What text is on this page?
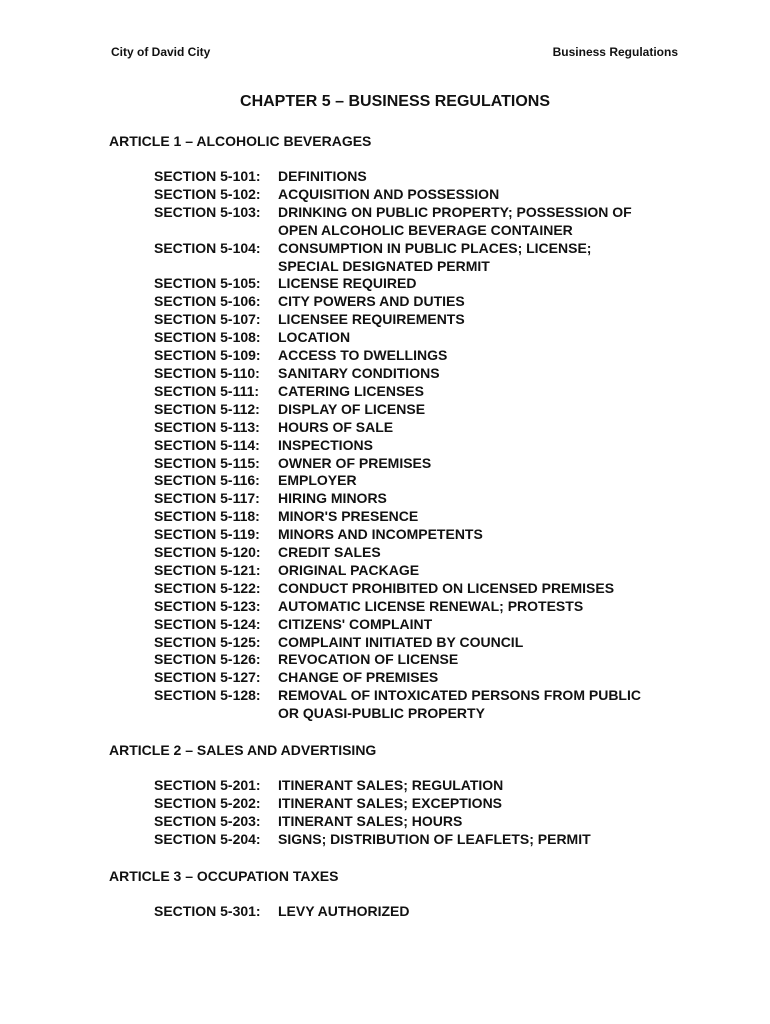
City of David City	Business Regulations
CHAPTER 5 – BUSINESS REGULATIONS
ARTICLE 1 – ALCOHOLIC BEVERAGES
SECTION 5-101:	DEFINITIONS
SECTION 5-102:	ACQUISITION AND POSSESSION
SECTION 5-103:	DRINKING ON PUBLIC PROPERTY; POSSESSION OF
OPEN ALCOHOLIC BEVERAGE CONTAINER
SECTION 5-104:	CONSUMPTION IN PUBLIC PLACES; LICENSE;
SPECIAL DESIGNATED PERMIT
SECTION 5-105:	LICENSE REQUIRED
SECTION 5-106:	CITY POWERS AND DUTIES
SECTION 5-107:	LICENSEE REQUIREMENTS
SECTION 5-108:	LOCATION
SECTION 5-109:	ACCESS TO DWELLINGS
SECTION 5-110:	SANITARY CONDITIONS
SECTION 5-111:	CATERING LICENSES
SECTION 5-112:	DISPLAY OF LICENSE
SECTION 5-113:	HOURS OF SALE
SECTION 5-114:	INSPECTIONS
SECTION 5-115:	OWNER OF PREMISES
SECTION 5-116:	EMPLOYER
SECTION 5-117:	HIRING MINORS
SECTION 5-118:	MINOR'S PRESENCE
SECTION 5-119:	MINORS AND INCOMPETENTS
SECTION 5-120:	CREDIT SALES
SECTION 5-121:	ORIGINAL PACKAGE
SECTION 5-122:	CONDUCT PROHIBITED ON LICENSED PREMISES
SECTION 5-123:	AUTOMATIC LICENSE RENEWAL; PROTESTS
SECTION 5-124:	CITIZENS' COMPLAINT
SECTION 5-125:	COMPLAINT INITIATED BY COUNCIL
SECTION 5-126:	REVOCATION OF LICENSE
SECTION 5-127:	CHANGE OF PREMISES
SECTION 5-128:	REMOVAL OF INTOXICATED PERSONS FROM PUBLIC
OR QUASI-PUBLIC PROPERTY
ARTICLE 2 – SALES AND ADVERTISING
SECTION 5-201:	ITINERANT SALES; REGULATION
SECTION 5-202:	ITINERANT SALES; EXCEPTIONS
SECTION 5-203:	ITINERANT SALES; HOURS
SECTION 5-204:	SIGNS; DISTRIBUTION OF LEAFLETS; PERMIT
ARTICLE 3 – OCCUPATION TAXES
SECTION 5-301:	LEVY AUTHORIZED
